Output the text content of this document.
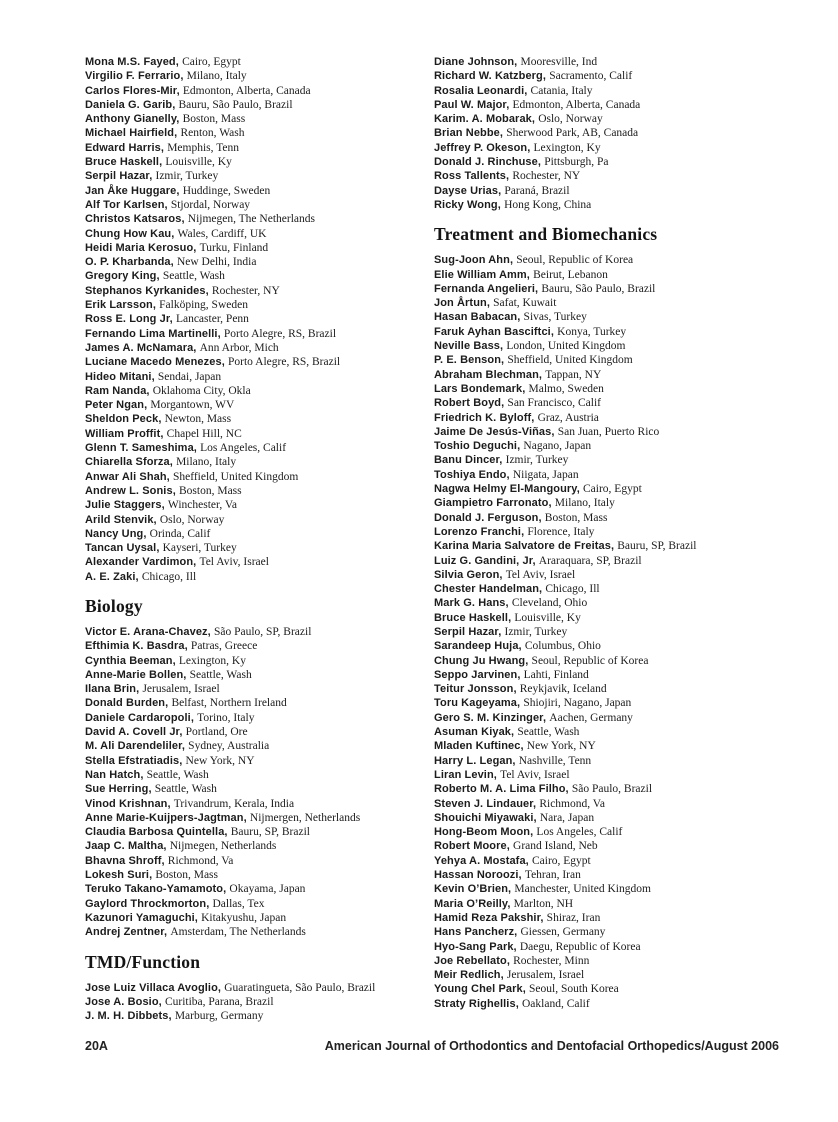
Mona M.S. Fayed , Cairo, Egypt
Virgilio F. Ferrario , Milano, Italy
Carlos Flores-Mir , Edmonton, Alberta, Canada
Daniela G. Garib , Bauru, São Paulo, Brazil
Anthony Gianelly , Boston, Mass
Michael Hairfield , Renton, Wash
Edward Harris , Memphis, Tenn
Bruce Haskell , Louisville, Ky
Serpil Hazar , Izmir, Turkey
Jan Åke Huggare , Huddinge, Sweden
Alf Tor Karlsen , Stjordal, Norway
Christos Katsaros , Nijmegen, The Netherlands
Chung How Kau , Wales, Cardiff, UK
Heidi Maria Kerosuo , Turku, Finland
O. P. Kharbanda , New Delhi, India
Gregory King , Seattle, Wash
Stephanos Kyrkanides , Rochester, NY
Erik Larsson , Falköping, Sweden
Ross E. Long Jr , Lancaster, Penn
Fernando Lima Martinelli , Porto Alegre, RS, Brazil
James A. McNamara , Ann Arbor, Mich
Luciane Macedo Menezes , Porto Alegre, RS, Brazil
Hideo Mitani , Sendai, Japan
Ram Nanda , Oklahoma City, Okla
Peter Ngan , Morgantown, WV
Sheldon Peck , Newton, Mass
William Proffit , Chapel Hill, NC
Glenn T. Sameshima , Los Angeles, Calif
Chiarella Sforza , Milano, Italy
Anwar Ali Shah , Sheffield, United Kingdom
Andrew L. Sonis , Boston, Mass
Julie Staggers , Winchester, Va
Arild Stenvik , Oslo, Norway
Nancy Ung , Orinda, Calif
Tancan Uysal , Kayseri, Turkey
Alexander Vardimon , Tel Aviv, Israel
A. E. Zaki , Chicago, Ill
Biology
Victor E. Arana-Chavez , São Paulo, SP, Brazil
Efthimia K. Basdra , Patras, Greece
Cynthia Beeman , Lexington, Ky
Anne-Marie Bollen , Seattle, Wash
Ilana Brin , Jerusalem, Israel
Donald Burden , Belfast, Northern Ireland
Daniele Cardaropoli , Torino, Italy
David A. Covell Jr , Portland, Ore
M. Ali Darendeliler , Sydney, Australia
Stella Efstratiadis , New York, NY
Nan Hatch , Seattle, Wash
Sue Herring , Seattle, Wash
Vinod Krishnan , Trivandrum, Kerala, India
Anne Marie-Kuijpers-Jagtman , Nijmergen, Netherlands
Claudia Barbosa Quintella , Bauru, SP, Brazil
Jaap C. Maltha , Nijmegen, Netherlands
Bhavna Shroff , Richmond, Va
Lokesh Suri , Boston, Mass
Teruko Takano-Yamamoto , Okayama, Japan
Gaylord Throckmorton , Dallas, Tex
Kazunori Yamaguchi , Kitakyushu, Japan
Andrej Zentner , Amsterdam, The Netherlands
TMD/Function
Jose Luiz Villaca Avoglio , Guaratingueta, São Paulo, Brazil
Jose A. Bosio , Curitiba, Parana, Brazil
J. M. H. Dibbets , Marburg, Germany
Diane Johnson , Mooresville, Ind
Richard W. Katzberg , Sacramento, Calif
Rosalia Leonardi , Catania, Italy
Paul W. Major , Edmonton, Alberta, Canada
Karim. A. Mobarak , Oslo, Norway
Brian Nebbe , Sherwood Park, AB, Canada
Jeffrey P. Okeson , Lexington, Ky
Donald J. Rinchuse , Pittsburgh, Pa
Ross Tallents , Rochester, NY
Dayse Urias , Paraná, Brazil
Ricky Wong , Hong Kong, China
Treatment and Biomechanics
Sug-Joon Ahn , Seoul, Republic of Korea
Elie William Amm , Beirut, Lebanon
Fernanda Angelieri , Bauru, São Paulo, Brazil
Jon Årtun , Safat, Kuwait
Hasan Babacan , Sivas, Turkey
Faruk Ayhan Basciftci , Konya, Turkey
Neville Bass , London, United Kingdom
P. E. Benson , Sheffield, United Kingdom
Abraham Blechman , Tappan, NY
Lars Bondemark , Malmo, Sweden
Robert Boyd , San Francisco, Calif
Friedrich K. Byloff , Graz, Austria
Jaime De Jesús-Viñas , San Juan, Puerto Rico
Toshio Deguchi , Nagano, Japan
Banu Dincer , Izmir, Turkey
Toshiya Endo , Niigata, Japan
Nagwa Helmy El-Mangoury , Cairo, Egypt
Giampietro Farronato , Milano, Italy
Donald J. Ferguson , Boston, Mass
Lorenzo Franchi , Florence, Italy
Karina Maria Salvatore de Freitas , Bauru, SP, Brazil
Luiz G. Gandini, Jr , Araraquara, SP, Brazil
Silvia Geron , Tel Aviv, Israel
Chester Handelman , Chicago, Ill
Mark G. Hans , Cleveland, Ohio
Bruce Haskell , Louisville, Ky
Serpil Hazar , Izmir, Turkey
Sarandeep Huja , Columbus, Ohio
Chung Ju Hwang , Seoul, Republic of Korea
Seppo Jarvinen , Lahti, Finland
Teitur Jonsson , Reykjavik, Iceland
Toru Kageyama , Shiojiri, Nagano, Japan
Gero S. M. Kinzinger , Aachen, Germany
Asuman Kiyak , Seattle, Wash
Mladen Kuftinec , New York, NY
Harry L. Legan , Nashville, Tenn
Liran Levin , Tel Aviv, Israel
Roberto M. A. Lima Filho , São Paulo, Brazil
Steven J. Lindauer , Richmond, Va
Shouichi Miyawaki , Nara, Japan
Hong-Beom Moon , Los Angeles, Calif
Robert Moore , Grand Island, Neb
Yehya A. Mostafa , Cairo, Egypt
Hassan Noroozi , Tehran, Iran
Kevin O’Brien , Manchester, United Kingdom
Maria O’Reilly , Marlton, NH
Hamid Reza Pakshir , Shiraz, Iran
Hans Pancherz , Giessen, Germany
Hyo-Sang Park , Daegu, Republic of Korea
Joe Rebellato , Rochester, Minn
Meir Redlich , Jerusalem, Israel
Young Chel Park , Seoul, South Korea
Straty Righellis , Oakland, Calif
20A	American Journal of Orthodontics and Dentofacial Orthopedics/August 2006
